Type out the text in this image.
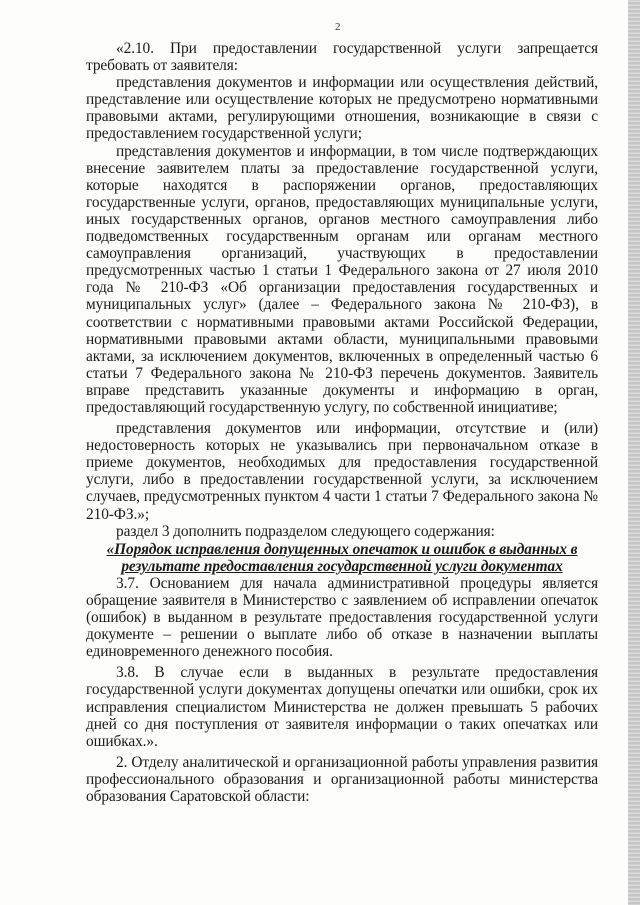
2

«2.10. При предоставлении государственной услуги запрещается требовать от заявителя:

представления документов и информации или осуществления действий, представление или осуществление которых не предусмотрено нормативными правовыми актами, регулирующими отношения, возникающие в связи с предоставлением государственной услуги;

представления документов и информации, в том числе подтверждающих внесение заявителем платы за предоставление государственной услуги, которые находятся в распоряжении органов, предоставляющих государственные услуги, органов, предоставляющих муниципальные услуги, иных государственных органов, органов местного самоуправления либо подведомственных государственным органам или органам местного самоуправления организаций, участвующих в предоставлении предусмотренных частью 1 статьи 1 Федерального закона от 27 июля 2010 года № 210-ФЗ «Об организации предоставления государственных и муниципальных услуг» (далее – Федерального закона № 210-ФЗ), в соответствии с нормативными правовыми актами Российской Федерации, нормативными правовыми актами области, муниципальными правовыми актами, за исключением документов, включенных в определенный частью 6 статьи 7 Федерального закона № 210-ФЗ перечень документов. Заявитель вправе представить указанные документы и информацию в орган, предоставляющий государственную услугу, по собственной инициативе;

представления документов или информации, отсутствие и (или) недостоверность которых не указывались при первоначальном отказе в приеме документов, необходимых для предоставления государственной услуги, либо в предоставлении государственной услуги, за исключением случаев, предусмотренных пунктом 4 части 1 статьи 7 Федерального закона № 210-ФЗ.»;

раздел 3 дополнить подразделом следующего содержания:

«Порядок исправления допущенных опечаток и ошибок в выданных в результате предоставления государственной услуги документах

3.7. Основанием для начала административной процедуры является обращение заявителя в Министерство с заявлением об исправлении опечаток (ошибок) в выданном в результате предоставления государственной услуги документе – решении о выплате либо об отказе в назначении выплаты единовременного денежного пособия.

3.8. В случае если в выданных в результате предоставления государственной услуги документах допущены опечатки или ошибки, срок их исправления специалистом Министерства не должен превышать 5 рабочих дней со дня поступления от заявителя информации о таких опечатках или ошибках.».

2. Отделу аналитической и организационной работы управления развития профессионального образования и организационной работы министерства образования Саратовской области:
